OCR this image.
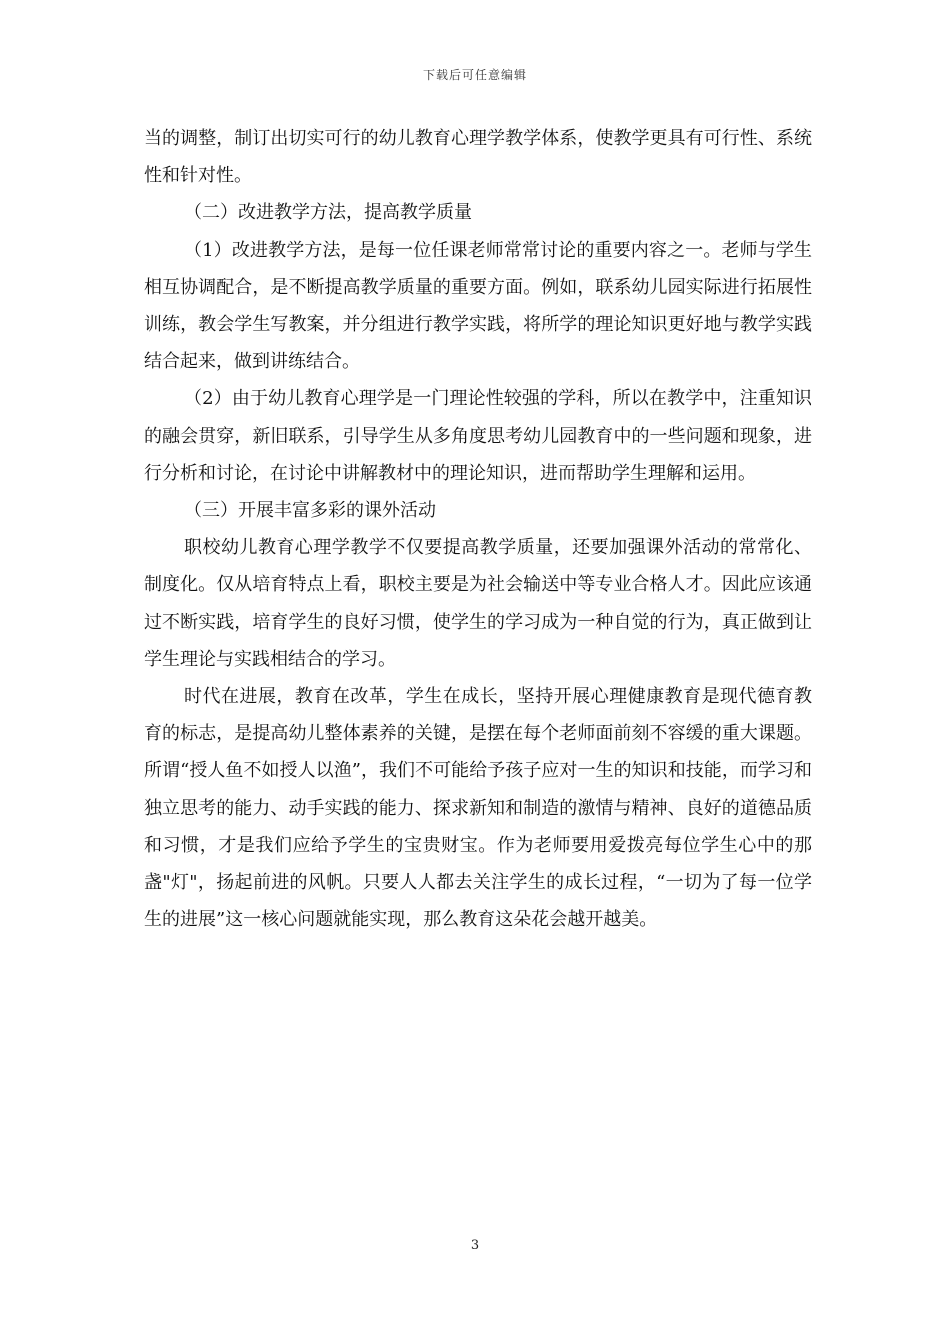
下载后可任意编辑

当的调整，制订出切实可行的幼儿教育心理学教学体系，使教学更具有可行性、系统性和针对性。

（二）改进教学方法，提高教学质量

（1）改进教学方法，是每一位任课老师常常讨论的重要内容之一。老师与学生相互协调配合，是不断提高教学质量的重要方面。例如，联系幼儿园实际进行拓展性训练，教会学生写教案，并分组进行教学实践，将所学的理论知识更好地与教学实践结合起来，做到讲练结合。

（2）由于幼儿教育心理学是一门理论性较强的学科，所以在教学中，注重知识的融会贯穿，新旧联系，引导学生从多角度思考幼儿园教育中的一些问题和现象，进行分析和讨论，在讨论中讲解教材中的理论知识，进而帮助学生理解和运用。

（三）开展丰富多彩的课外活动

职校幼儿教育心理学教学不仅要提高教学质量，还要加强课外活动的常常化、制度化。仅从培育特点上看，职校主要是为社会输送中等专业合格人才。因此应该通过不断实践，培育学生的良好习惯，使学生的学习成为一种自觉的行为，真正做到让学生理论与实践相结合的学习。

时代在进展，教育在改革，学生在成长，坚持开展心理健康教育是现代德育教育的标志，是提高幼儿整体素养的关键，是摆在每个老师面前刻不容缓的重大课题。所谓“授人鱼不如授人以渔”，我们不可能给予孩子应对一生的知识和技能，而学习和独立思考的能力、动手实践的能力、探求新知和制造的激情与精神、良好的道德品质和习惯，才是我们应给予学生的宝贵财宝。作为老师要用爱拨亮每位学生心中的那盏"灯"，扬起前进的风帆。只要人人都去关注学生的成长过程，“一切为了每一位学生的进展”这一核心问题就能实现，那么教育这朵花会越开越美。

3
